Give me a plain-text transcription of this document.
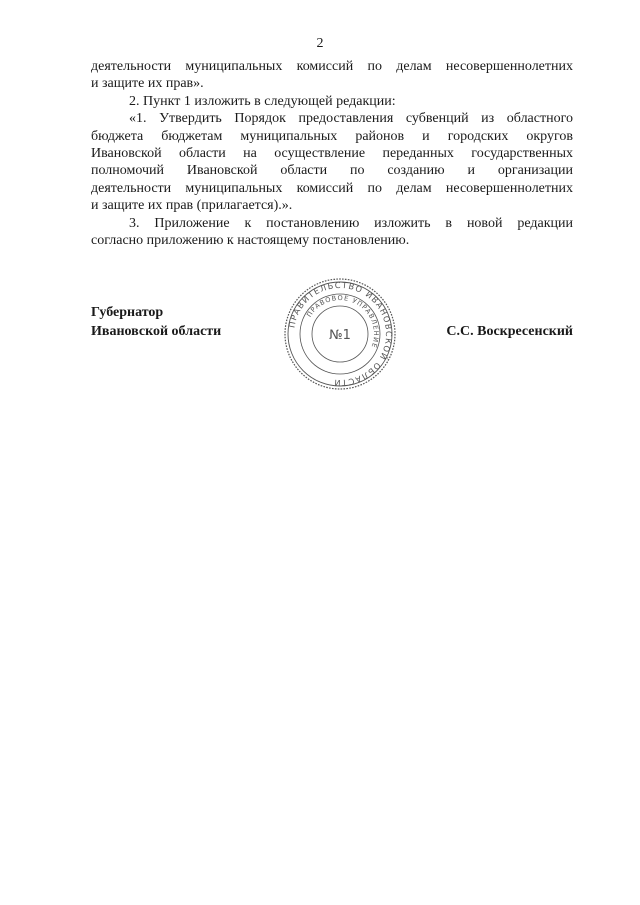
2
деятельности муниципальных комиссий по делам несовершеннолетних
и защите их прав».
2. Пункт 1 изложить в следующей редакции:
«1. Утвердить Порядок предоставления субвенций из областного
бюджета бюджетам муниципальных районов и городских округов
Ивановской области на осуществление переданных государственных
полномочий Ивановской области по созданию и организации
деятельности муниципальных комиссий по делам несовершеннолетних
и защите их прав (прилагается).».
3. Приложение к постановлению изложить в новой редакции
согласно приложению к настоящему постановлению.
Губернатор
Ивановской области	ПРАВИТЕЛЬСТВО ИВАНОВСКОЙ ОБЛАСТИ
ПРАВОВОЕ УПРАВЛЕНИЕ
№1	С.С. Воскресенский
